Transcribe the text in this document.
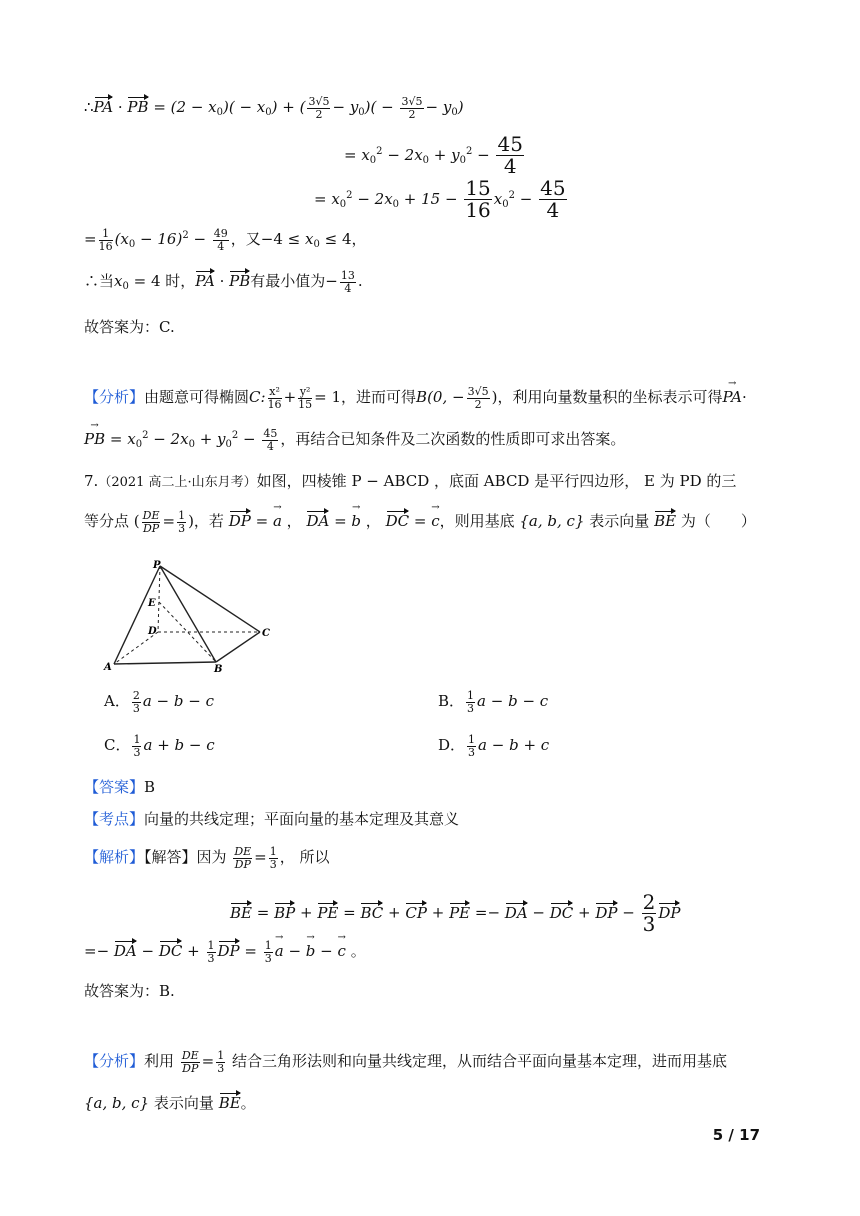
∴PA · PB = $(2 - x_0)( - x_0)$ + ( $\frac{3√5}{2} - y_0)( - \frac{3√5}{2} - y_0)$
= $x_0^2 - 2x_0 + y_0^2 - \frac{45}{4}$
= $x_0^2 - 2x_0 + 15 - \frac{15}{16} x_0^2 - \frac{45}{4}$
= $\frac{1}{16} (x_0 - 16)^2 - \frac{49}{4}$ ，又$-4 \le x_0 \le 4$，
∴当$x_0 = 4$ 时，PA · PB有最小值为− $\frac{13}{4}$ .
故答案为：C.
【分析】由题意可得椭圆C: $\frac{\text{x²}}{16} + \frac{\text{y²}}{15} = 1$，进而可得B(0, − $\frac{3√5}{2}$ )，利用向量数量积的坐标表示可得→ PA·
→ PB = $x_0^2 - 2x_0 + y_0^2 - \frac{45}{4}$ ，再结合已知条件及二次函数的性质即可求出答案。
7.（2021 高二上·山东月考）如图，四棱锥 P − ABCD ，底面 ABCD 是平行四边形， E 为 PD 的三
等分点 ( $\frac{DE}{DP} = \frac{1}{3}$ )，若 DP = → a ， DA = → b ， DC = → c，则用基底 {a, b, c} 表示向量 BE 为（　　）
P
E
D	C
A	B
A． $\frac{2}{3}$ a − b − c	B． $\frac{1}{3}$ a − b − c
C． $\frac{1}{3}$ a + b − c	D． $\frac{1}{3}$ a − b + c
【答案】B
【考点】向量的共线定理；平面向量的基本定理及其意义
【解析】【解答】因为 $\frac{DE}{DP} = \frac{1}{3}$ ， 所以
BE = BP + PE = BC + CP + PE =− DA − DC + DP − $\frac{2}{3}$ DP
=− DA − DC + $\frac{1}{3}$ DP = $\frac{1}{3}$
→ a − → b − → c 。
故答案为：B.
【分析】利用 $\frac{DE}{DP} = \frac{1}{3}$ 结合三角形法则和向量共线定理，从而结合平面向量基本定理，进而用基底
{a, b, c} 表示向量 BE。
5 / 17
